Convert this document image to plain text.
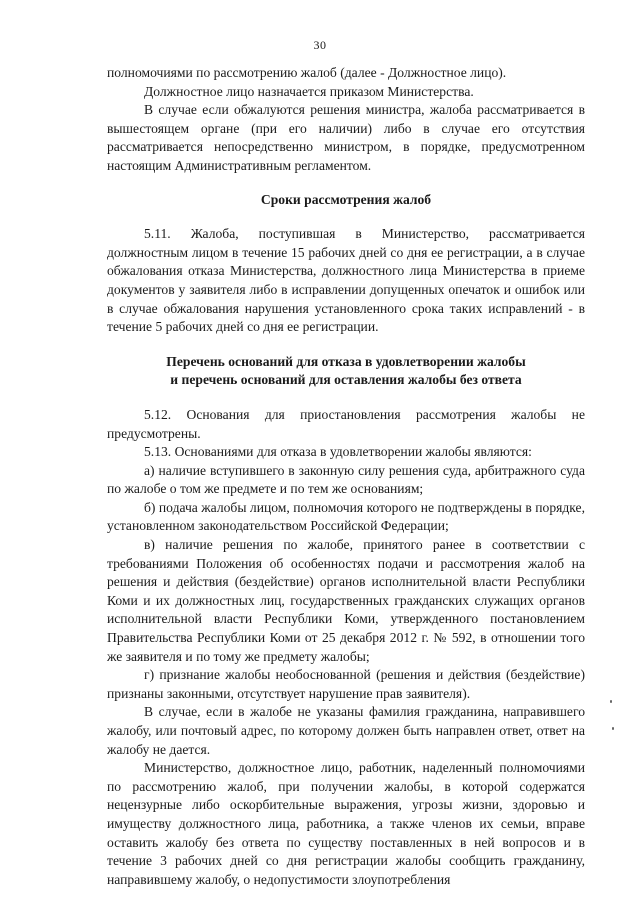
30

полномочиями по рассмотрению жалоб (далее - Должностное лицо).

Должностное лицо назначается приказом Министерства.

В случае если обжалуются решения министра, жалоба рассматривается в вышестоящем органе (при его наличии) либо в случае его отсутствия рассматривается непосредственно министром, в порядке, предусмотренном настоящим Административным регламентом.

Сроки рассмотрения жалоб

5.11. Жалоба, поступившая в Министерство, рассматривается должностным лицом в течение 15 рабочих дней со дня ее регистрации, а в случае обжалования отказа Министерства, должностного лица Министерства в приеме документов у заявителя либо в исправлении допущенных опечаток и ошибок или в случае обжалования нарушения установленного срока таких исправлений - в течение 5 рабочих дней со дня ее регистрации.

Перечень оснований для отказа в удовлетворении жалобы
и перечень оснований для оставления жалобы без ответа

5.12. Основания для приостановления рассмотрения жалобы не предусмотрены.

5.13. Основаниями для отказа в удовлетворении жалобы являются:

а) наличие вступившего в законную силу решения суда, арбитражного суда по жалобе о том же предмете и по тем же основаниям;

б) подача жалобы лицом, полномочия которого не подтверждены в порядке, установленном законодательством Российской Федерации;

в) наличие решения по жалобе, принятого ранее в соответствии с требованиями Положения об особенностях подачи и рассмотрения жалоб на решения и действия (бездействие) органов исполнительной власти Республики Коми и их должностных лиц, государственных гражданских служащих органов исполнительной власти Республики Коми, утвержденного постановлением Правительства Республики Коми от 25 декабря 2012 г. № 592, в отношении того же заявителя и по тому же предмету жалобы;

г) признание жалобы необоснованной (решения и действия (бездействие) признаны законными, отсутствует нарушение прав заявителя).

В случае, если в жалобе не указаны фамилия гражданина, направившего жалобу, или почтовый адрес, по которому должен быть направлен ответ, ответ на жалобу не дается.

Министерство, должностное лицо, работник, наделенный полномочиями по рассмотрению жалоб, при получении жалобы, в которой содержатся нецензурные либо оскорбительные выражения, угрозы жизни, здоровью и имуществу должностного лица, работника, а также членов их семьи, вправе оставить жалобу без ответа по существу поставленных в ней вопросов и в течение 3 рабочих дней со дня регистрации жалобы сообщить гражданину, направившему жалобу, о недопустимости злоупотребления
